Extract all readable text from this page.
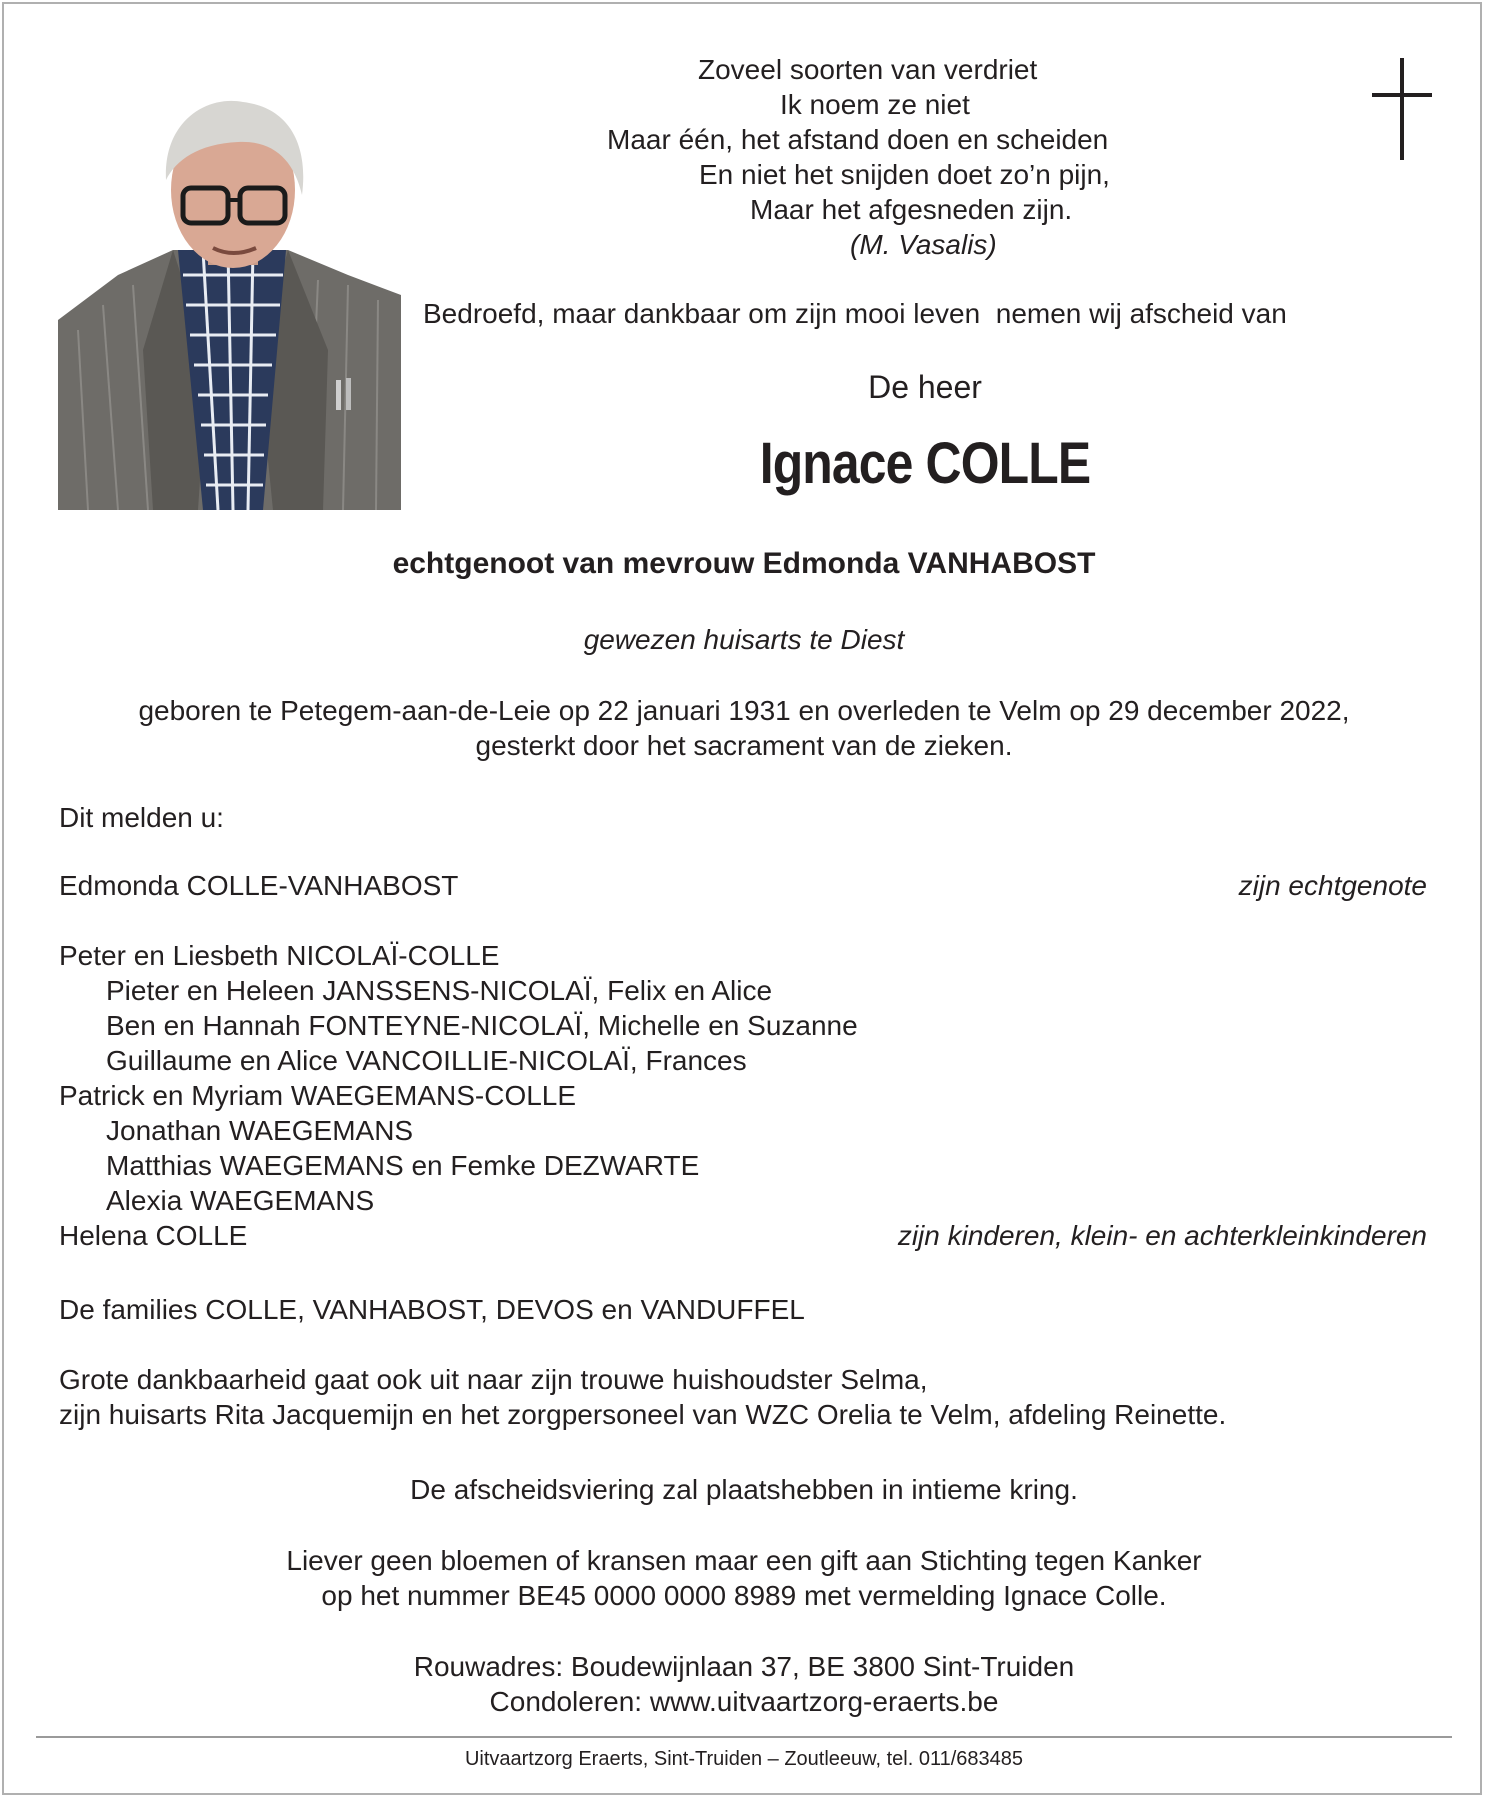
Zoveel soorten van verdriet
Ik noem ze niet
Maar één, het afstand doen en scheiden
En niet het snijden doet zo’n pijn,
Maar het afgesneden zijn.
(M. Vasalis)
Bedroefd, maar dankbaar om zijn mooi leven  nemen wij afscheid van
De heer
Ignace COLLE
echtgenoot van mevrouw Edmonda VANHABOST
gewezen huisarts te Diest
geboren te Petegem-aan-de-Leie op 22 januari 1931 en overleden te Velm op 29 december 2022,
gesterkt door het sacrament van de zieken.
Dit melden u:
Edmonda COLLE-VANHABOST	zijn echtgenote
Peter en Liesbeth NICOLAÏ-COLLE
Pieter en Heleen JANSSENS-NICOLAÏ, Felix en Alice
Ben en Hannah FONTEYNE-NICOLAÏ, Michelle en Suzanne
Guillaume en Alice VANCOILLIE-NICOLAÏ, Frances
Patrick en Myriam WAEGEMANS-COLLE
Jonathan WAEGEMANS
Matthias WAEGEMANS en Femke DEZWARTE
Alexia WAEGEMANS
Helena COLLE	zijn kinderen, klein- en achterkleinkinderen
De families COLLE, VANHABOST, DEVOS en VANDUFFEL
Grote dankbaarheid gaat ook uit naar zijn trouwe huishoudster Selma,
zijn huisarts Rita Jacquemijn en het zorgpersoneel van WZC Orelia te Velm, afdeling Reinette.
De afscheidsviering zal plaatshebben in intieme kring.
Liever geen bloemen of kransen maar een gift aan Stichting tegen Kanker
op het nummer BE45 0000 0000 8989 met vermelding Ignace Colle.
Rouwadres: Boudewijnlaan 37, BE 3800 Sint-Truiden
Condoleren: www.uitvaartzorg-eraerts.be
Uitvaartzorg Eraerts, Sint-Truiden – Zoutleeuw, tel. 011/683485
